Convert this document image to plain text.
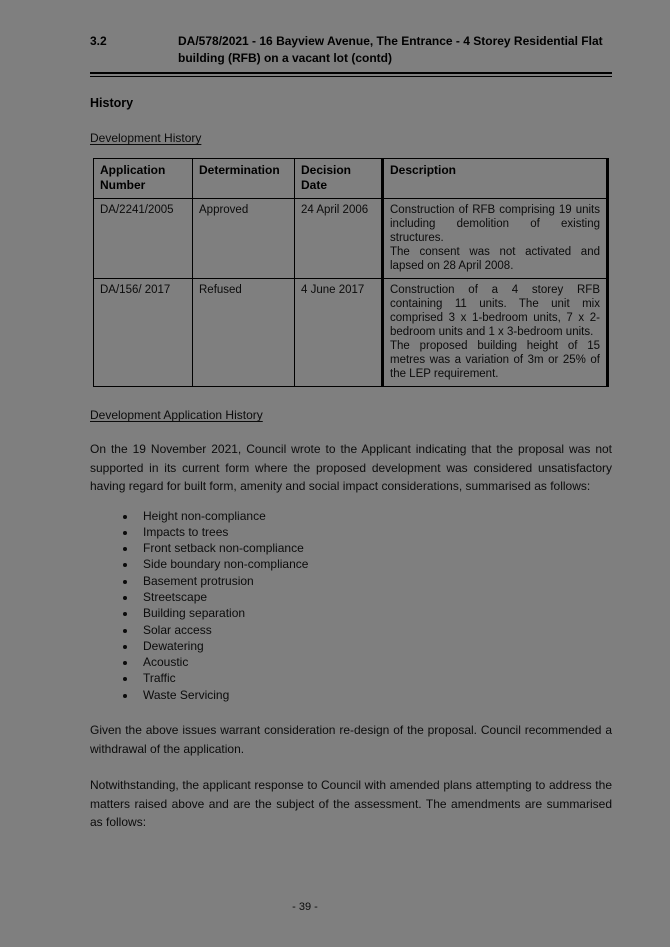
3.2	DA/578/2021 - 16 Bayview Avenue, The Entrance - 4 Storey Residential Flat building (RFB) on a vacant lot (contd)
History
Development History
Application Number	Determination	Decision Date	Description
DA/2241/2005	Approved	24 April 2006	Construction of RFB comprising 19 units including demolition of existing structures.

The consent was not activated and lapsed on 28 April 2008.

DA/156/ 2017	Refused	4 June 2017	Construction of a 4 storey RFB containing 11 units. The unit mix comprised 3 x 1-bedroom units, 7 x 2-bedroom units and 1 x 3-bedroom units.

The proposed building height of 15 metres was a variation of 3m or 25% of the LEP requirement.

Development Application History
On the 19 November 2021, Council wrote to the Applicant indicating that the proposal was not supported in its current form where the proposed development was considered unsatisfactory having regard for built form, amenity and social impact considerations, summarised as follows:
• Height non-compliance
• Impacts to trees
• Front setback non-compliance
• Side boundary non-compliance
• Basement protrusion
• Streetscape
• Building separation
• Solar access
• Dewatering
• Acoustic
• Traffic
• Waste Servicing
Given the above issues warrant consideration re-design of the proposal. Council recommended a withdrawal of the application.
Notwithstanding, the applicant response to Council with amended plans attempting to address the matters raised above and are the subject of the assessment. The amendments are summarised as follows:
- 39 -
